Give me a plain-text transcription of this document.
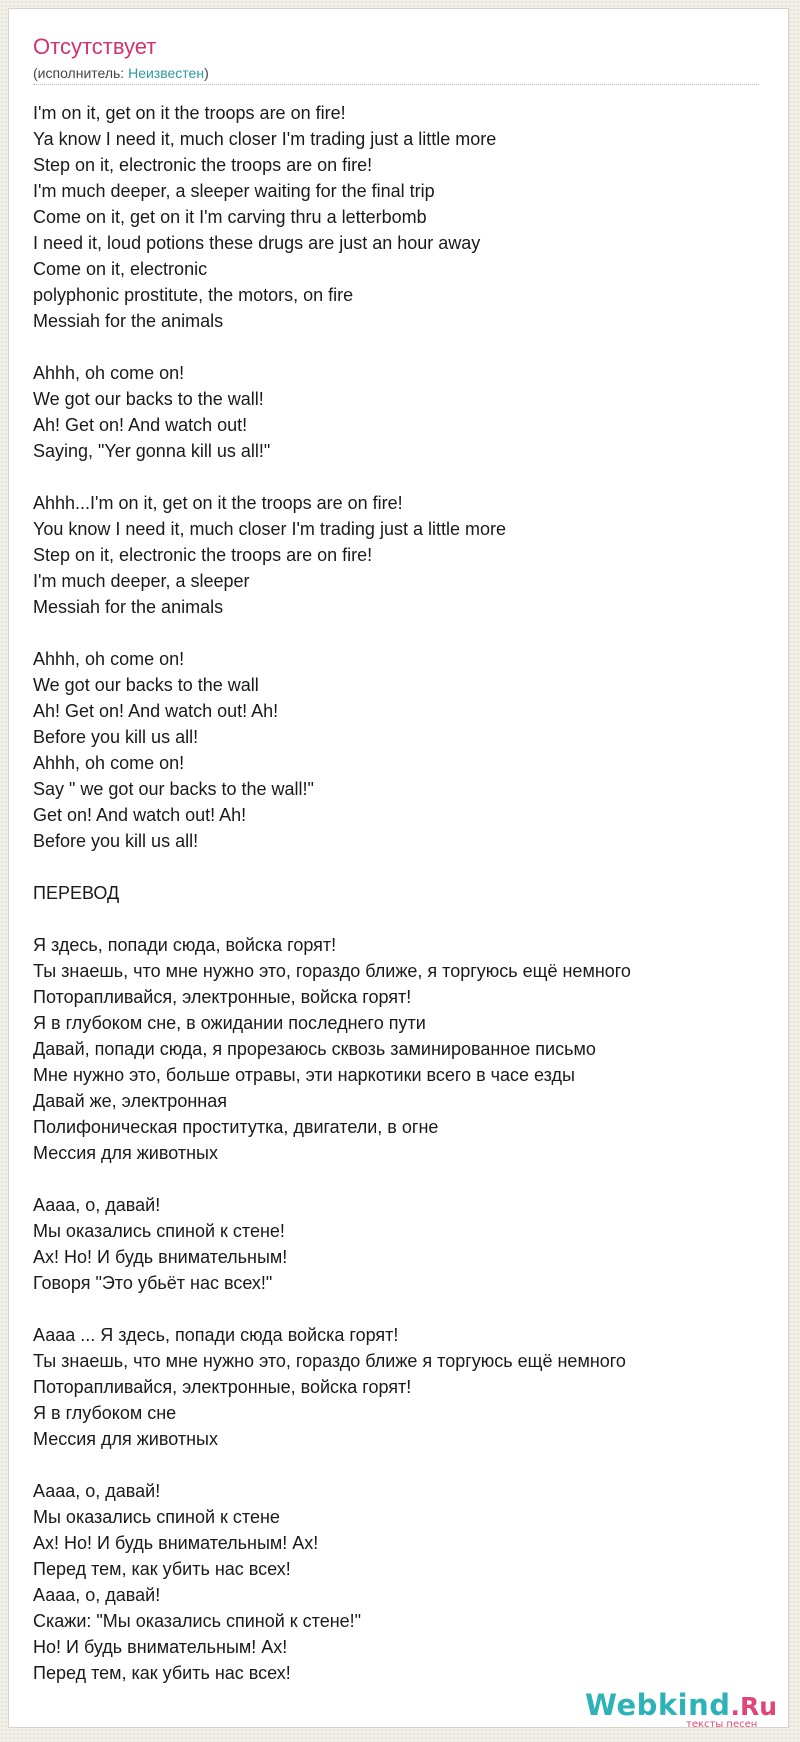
Отсутствует
(исполнитель: Неизвестен)
I'm on it, get on it the troops are on fire!
Ya know I need it, much closer I'm trading just a little more
Step on it, electronic the troops are on fire!
I'm much deeper, a sleeper waiting for the final trip
Come on it, get on it I'm carving thru a letterbomb
I need it, loud potions these drugs are just an hour away
Come on it, electronic
polyphonic prostitute, the motors, on fire
Messiah for the animals
Ahhh, oh come on!
We got our backs to the wall!
Ah! Get on! And watch out!
Saying, "Yer gonna kill us all!"
Ahhh...I'm on it, get on it the troops are on fire!
You know I need it, much closer I'm trading just a little more
Step on it, electronic the troops are on fire!
I'm much deeper, a sleeper
Messiah for the animals
Ahhh, oh come on!
We got our backs to the wall
Ah! Get on! And watch out! Ah!
Before you kill us all!
Ahhh, oh come on!
Say " we got our backs to the wall!"
Get on! And watch out! Ah!
Before you kill us all!
ПЕРЕВОД
Я здесь, попади сюда, войска горят!
Ты знаешь, что мне нужно это, гораздо ближе, я торгуюсь ещё немного
Поторапливайся, электронные, войска горят!
Я в глубоком сне, в ожидании последнего пути
Давай, попади сюда, я прорезаюсь сквозь заминированное письмо
Мне нужно это, больше отравы, эти наркотики всего в часе езды
Давай же, электронная
Полифоническая проститутка, двигатели, в огне
Мессия для животных
Аааа, о, давай!
Мы оказались спиной к стене!
Ах! Но! И будь внимательным!
Говоря "Это убьёт нас всех!"
Аааа ... Я здесь, попади сюда войска горят!
Ты знаешь, что мне нужно это, гораздо ближе я торгуюсь ещё немного
Поторапливайся, электронные, войска горят!
Я в глубоком сне
Мессия для животных
Аааа, о, давай!
Мы оказались спиной к стене
Ах! Но! И будь внимательным! Ах!
Перед тем, как убить нас всех!
Аааа, о, давай!
Скажи: "Мы оказались спиной к стене!"
Но! И будь внимательным! Ах!
Перед тем, как убить нас всех!
Webkind.Ru
тексты песен
